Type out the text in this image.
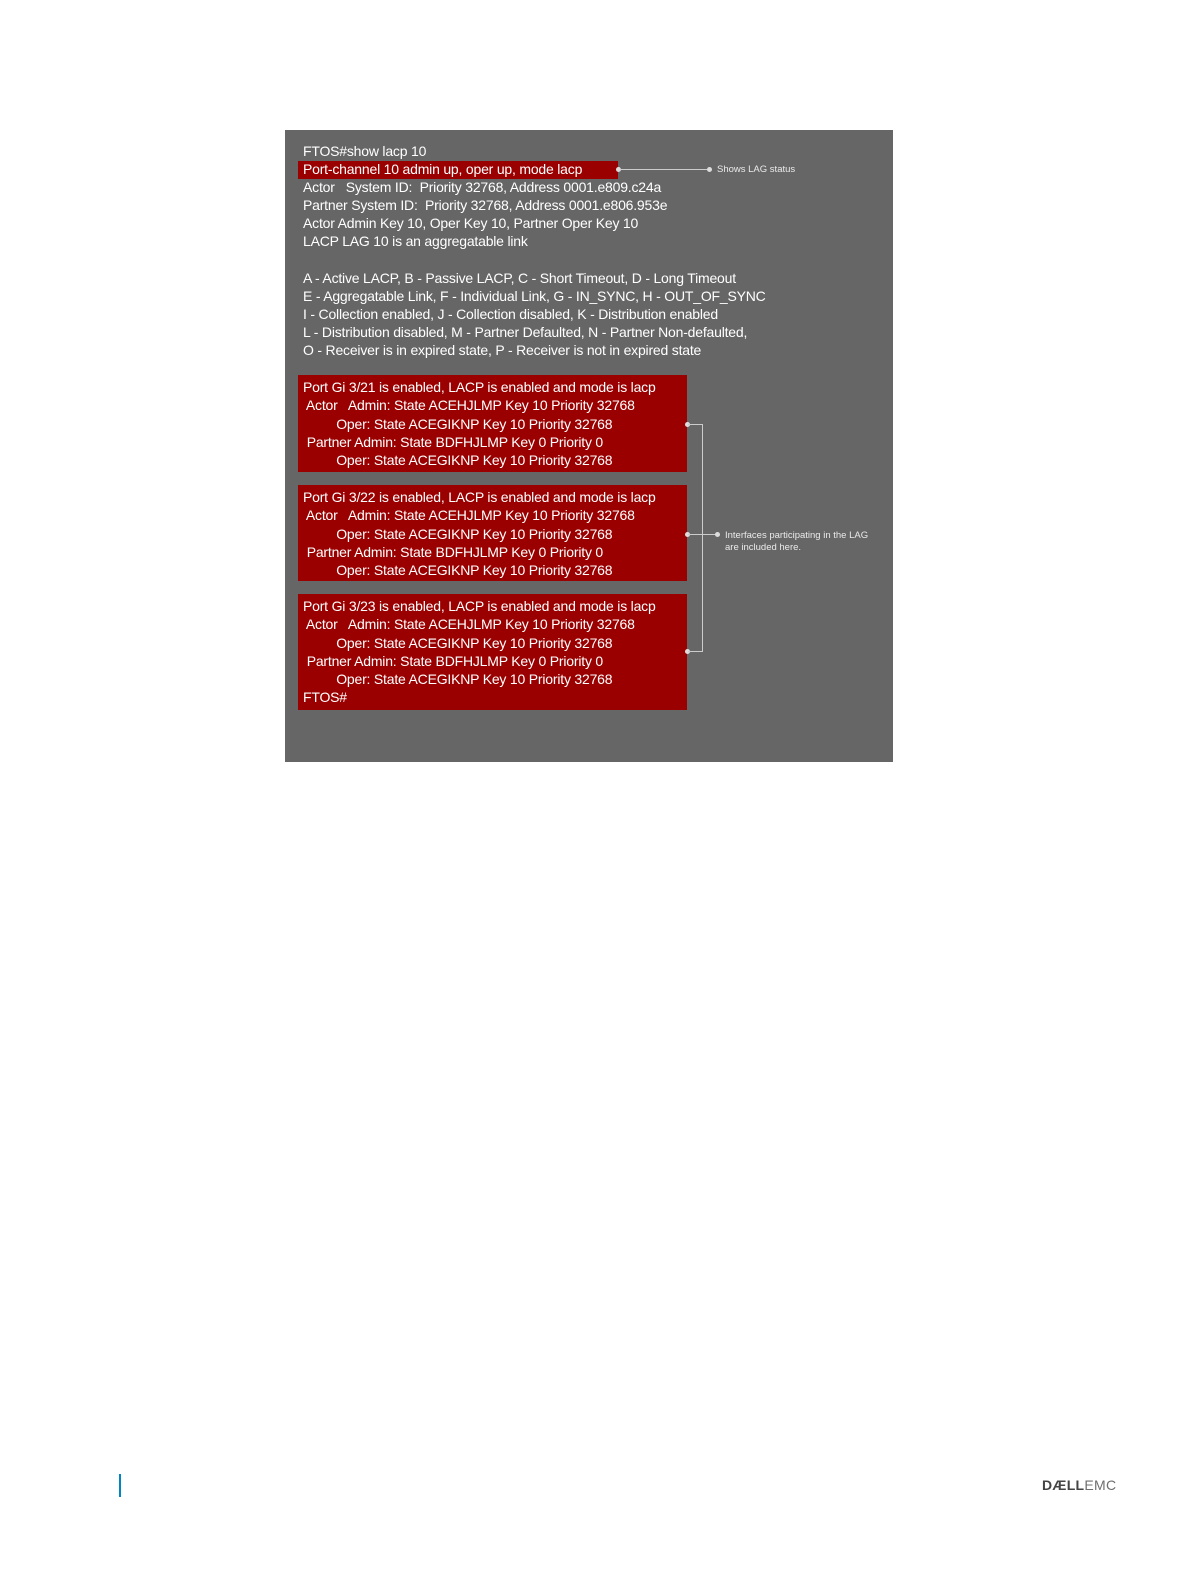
FTOS#show lacp 10
Port-channel 10 admin up, oper up, mode lacp
Actor   System ID:  Priority 32768, Address 0001.e809.c24a
Partner System ID:  Priority 32768, Address 0001.e806.953e
Actor Admin Key 10, Oper Key 10, Partner Oper Key 10
LACP LAG 10 is an aggregatable link
A - Active LACP, B - Passive LACP, C - Short Timeout, D - Long Timeout
E - Aggregatable Link, F - Individual Link, G - IN_SYNC, H - OUT_OF_SYNC
I - Collection enabled, J - Collection disabled, K - Distribution enabled
L - Distribution disabled, M - Partner Defaulted, N - Partner Non-defaulted,
O - Receiver is in expired state, P - Receiver is not in expired state
Port Gi 3/21 is enabled, LACP is enabled and mode is lacp
Actor   Admin: State ACEHJLMP Key 10 Priority 32768
Oper: State ACEGIKNP Key 10 Priority 32768
Partner Admin: State BDFHJLMP Key 0 Priority 0
Oper: State ACEGIKNP Key 10 Priority 32768
Port Gi 3/22 is enabled, LACP is enabled and mode is lacp
Actor   Admin: State ACEHJLMP Key 10 Priority 32768
Oper: State ACEGIKNP Key 10 Priority 32768
Partner Admin: State BDFHJLMP Key 0 Priority 0
Oper: State ACEGIKNP Key 10 Priority 32768
Port Gi 3/23 is enabled, LACP is enabled and mode is lacp
Actor   Admin: State ACEHJLMP Key 10 Priority 32768
Oper: State ACEGIKNP Key 10 Priority 32768
Partner Admin: State BDFHJLMP Key 0 Priority 0
Oper: State ACEGIKNP Key 10 Priority 32768
FTOS#
Shows LAG status
Interfaces participating in the LAG
are included here.
DÆLLEMC
